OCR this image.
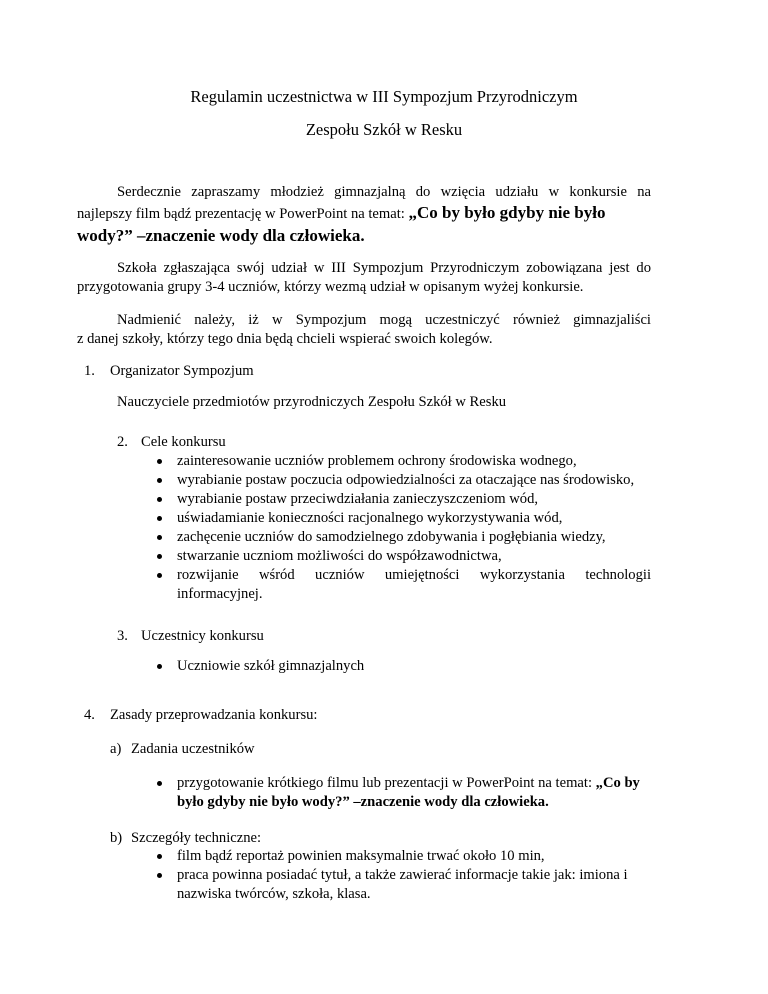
Regulamin uczestnictwa w III Sympozjum Przyrodniczym
Zespołu Szkół w Resku
Serdecznie zapraszamy młodzież gimnazjalną do wzięcia udziału w konkursie na
najlepszy film bądź prezentację w PowerPoint na temat: „Co by było gdyby nie było
wody?” –znaczenie wody dla człowieka.
Szkoła zgłaszająca swój udział w III Sympozjum Przyrodniczym zobowiązana jest do
przygotowania grupy 3-4 uczniów, którzy wezmą udział w opisanym wyżej konkursie.
Nadmienić należy, iż w Sympozjum mogą uczestniczyć również gimnazjaliści
z danej szkoły, którzy tego dnia będą chcieli wspierać swoich kolegów.
1. Organizator Sympozjum
Nauczyciele przedmiotów przyrodniczych Zespołu Szkół w Resku
2. Cele konkursu
zainteresowanie uczniów problemem ochrony środowiska wodnego,
wyrabianie postaw poczucia odpowiedzialności za otaczające nas środowisko,
wyrabianie postaw przeciwdziałania zanieczyszczeniom wód,
uświadamianie konieczności racjonalnego wykorzystywania wód,
zachęcenie uczniów do samodzielnego zdobywania i pogłębiania wiedzy,
stwarzanie uczniom możliwości do współzawodnictwa,
rozwijanie wśród uczniów umiejętności wykorzystania technologii
informacyjnej.
3. Uczestnicy konkursu
Uczniowie szkół gimnazjalnych
4. Zasady przeprowadzania konkursu:
a) Zadania uczestników
przygotowanie krótkiego filmu lub prezentacji w PowerPoint na temat: „Co by
było gdyby nie było wody?” –znaczenie wody dla człowieka.
b) Szczegóły techniczne:
film bądź reportaż powinien maksymalnie trwać około 10 min,
praca powinna posiadać tytuł, a także zawierać informacje takie jak: imiona i
nazwiska twórców, szkoła, klasa.
